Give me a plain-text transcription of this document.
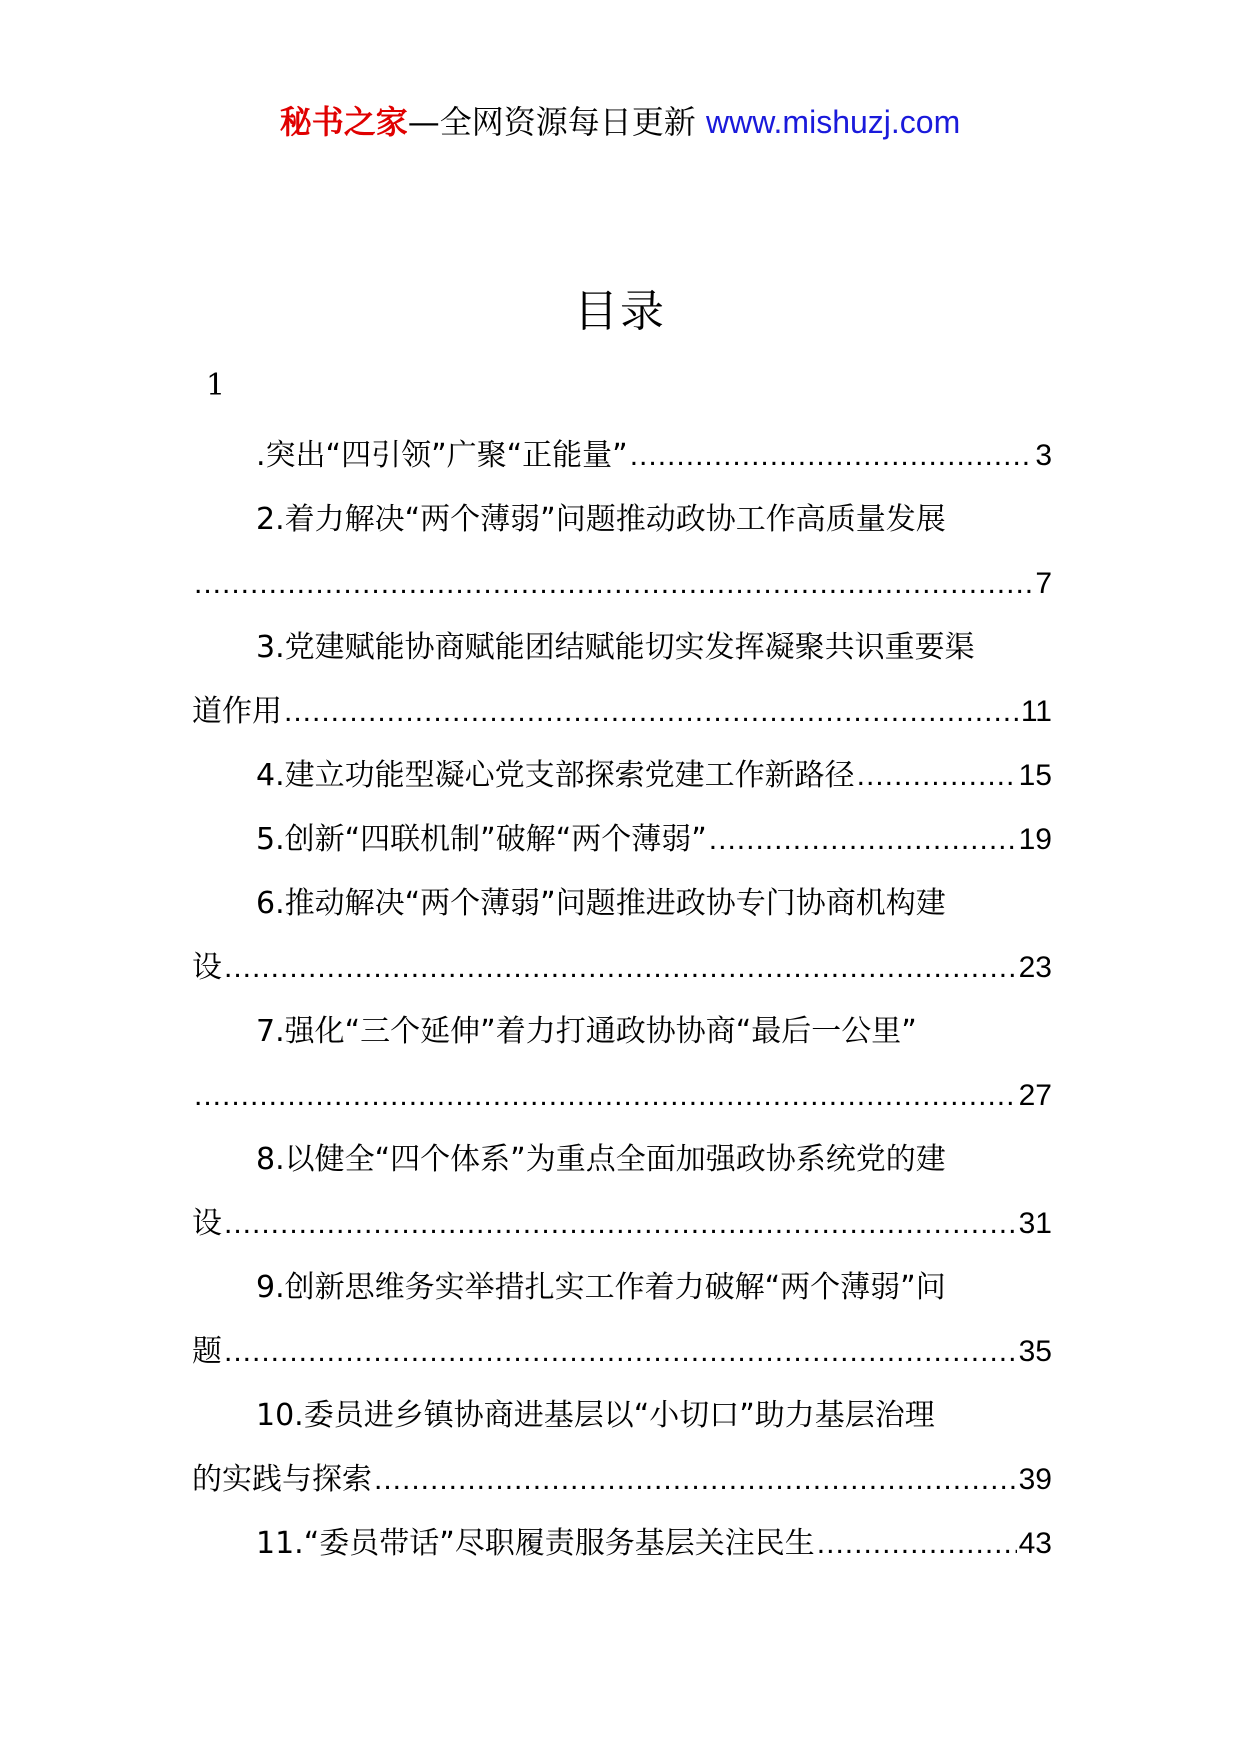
秘书之家—全网资源每日更新 www.mishuzj.com
目录
1
.突出“四引领”广聚“正能量” .....	3
2.着力解决“两个薄弱”问题推动政协工作高质量发展
.....
7
3.党建赋能协商赋能团结赋能切实发挥凝聚共识重要渠
道作用 .....	11
4.建立功能型凝心党支部探索党建工作新路径 .....	15
5.创新“四联机制”破解“两个薄弱” .....	19
6.推动解决“两个薄弱”问题推进政协专门协商机构建
设 .....	23
7.强化“三个延伸”着力打通政协协商“最后一公里”
.....
27
8.以健全“四个体系”为重点全面加强政协系统党的建
设 .....	31
9.创新思维务实举措扎实工作着力破解“两个薄弱”问
题 .....	35
10.委员进乡镇协商进基层以“小切口”助力基层治理
的实践与探索 .....	39
11.“委员带话”尽职履责服务基层关注民生 .....	43
